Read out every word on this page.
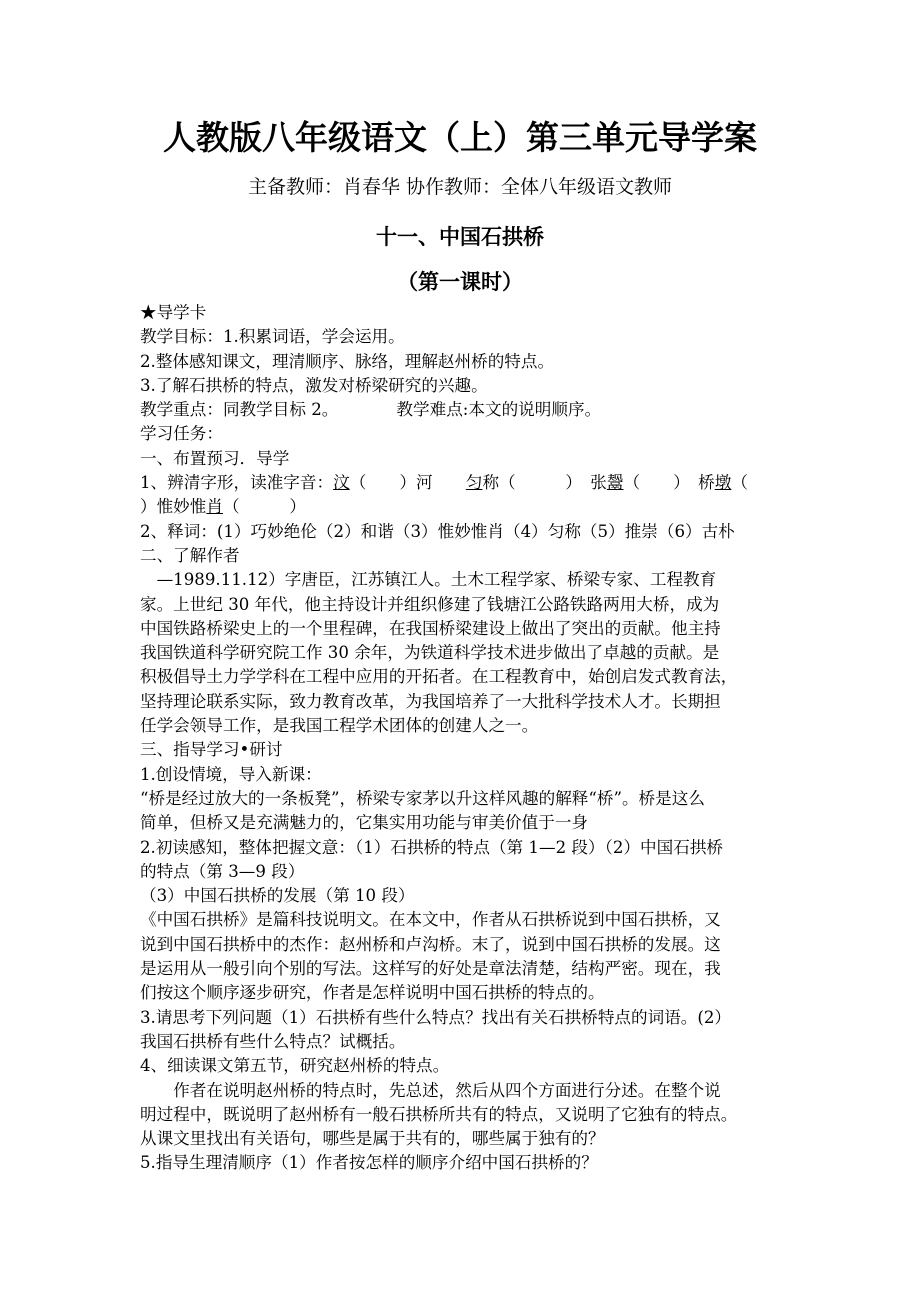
人教版八年级语文（上）第三单元导学案
主备教师：肖春华 协作教师：全体八年级语文教师
十一、中国石拱桥
（第一课时）
★导学卡
教学目标：1.积累词语，学会运用。
2.整体感知课文，理清顺序、脉络，理解赵州桥的特点。
3.了解石拱桥的特点，激发对桥梁研究的兴趣。
教学重点：同教学目标 2。　　　　教学难点:本文的说明顺序。
学习任务：
一、布置预习．导学
1、辨清字形，读准字音：汶（　　）河　　匀称（　　　）　张鬶（　　）　桥墩（
）惟妙惟肖（　　　）
2、释词：(1）巧妙绝伦（2）和谐（3）惟妙惟肖（4）匀称（5）推崇（6）古朴
二、了解作者
　—1989.11.12）字唐臣，江苏镇江人。土木工程学家、桥梁专家、工程教育
家。上世纪 30 年代，他主持设计并组织修建了钱塘江公路铁路两用大桥，成为
中国铁路桥梁史上的一个里程碑，在我国桥梁建设上做出了突出的贡献。他主持
我国铁道科学研究院工作 30 余年，为铁道科学技术进步做出了卓越的贡献。是
积极倡导土力学学科在工程中应用的开拓者。在工程教育中，始创启发式教育法，
坚持理论联系实际，致力教育改革，为我国培养了一大批科学技术人才。长期担
任学会领导工作，是我国工程学术团体的创建人之一。
三、指导学习•研讨
1.创设情境，导入新课：
“桥是经过放大的一条板凳”，桥梁专家茅以升这样风趣的解释“桥”。桥是这么
简单，但桥又是充满魅力的，它集实用功能与审美价值于一身
2.初读感知，整体把握文意：（1）石拱桥的特点（第 1—2 段）（2）中国石拱桥
的特点（第 3—9 段）
（3）中国石拱桥的发展（第 10 段）
《中国石拱桥》是篇科技说明文。在本文中，作者从石拱桥说到中国石拱桥，又
说到中国石拱桥中的杰作：赵州桥和卢沟桥。末了，说到中国石拱桥的发展。这
是运用从一般引向个别的写法。这样写的好处是章法清楚，结构严密。现在，我
们按这个顺序逐步研究，作者是怎样说明中国石拱桥的特点的。
3.请思考下列问题（1）石拱桥有些什么特点？找出有关石拱桥特点的词语。(2）
我国石拱桥有些什么特点？试概括。
4、细读课文第五节，研究赵州桥的特点。
　　作者在说明赵州桥的特点时，先总述，然后从四个方面进行分述。在整个说
明过程中，既说明了赵州桥有一般石拱桥所共有的特点，又说明了它独有的特点。
从课文里找出有关语句，哪些是属于共有的，哪些属于独有的？
5.指导生理清顺序（1）作者按怎样的顺序介绍中国石拱桥的？
